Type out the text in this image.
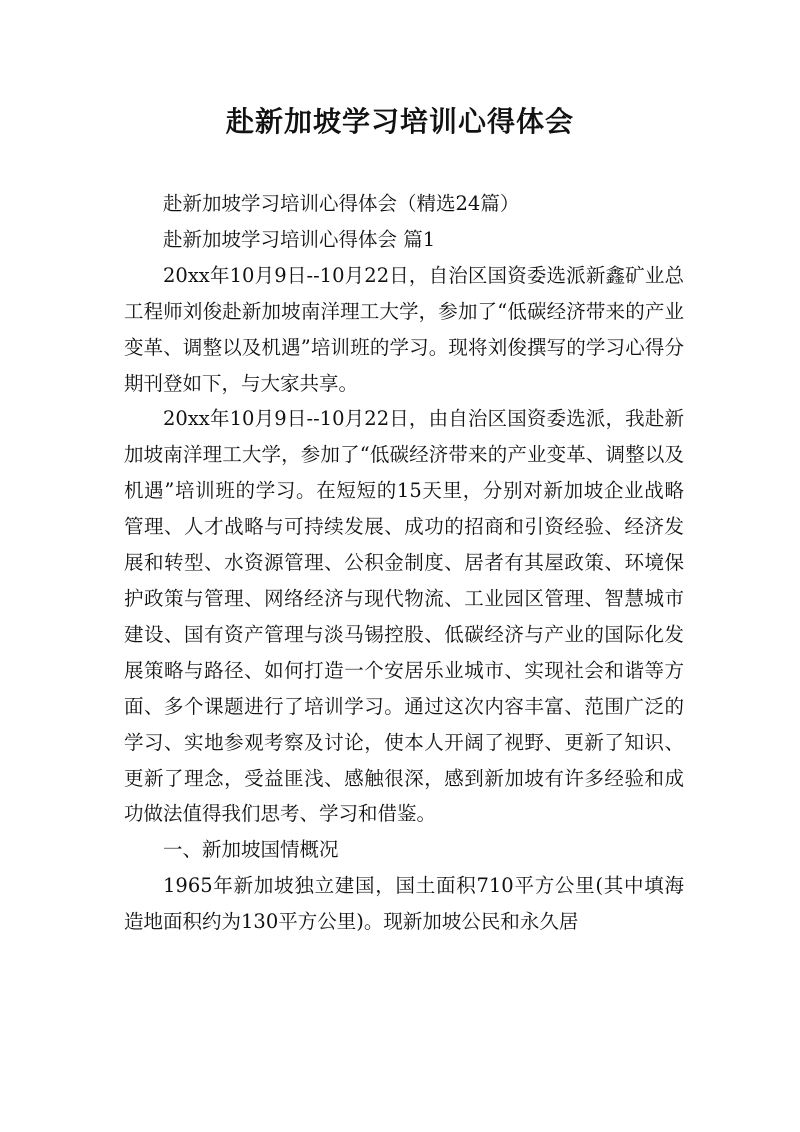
赴新加坡学习培训心得体会

赴新加坡学习培训心得体会（精选24篇）

赴新加坡学习培训心得体会 篇1

20xx年10月9日--10月22日，自治区国资委选派新鑫矿业总工程师刘俊赴新加坡南洋理工大学，参加了“低碳经济带来的产业变革、调整以及机遇”培训班的学习。现将刘俊撰写的学习心得分期刊登如下，与大家共享。

20xx年10月9日--10月22日，由自治区国资委选派，我赴新加坡南洋理工大学，参加了“低碳经济带来的产业变革、调整以及机遇”培训班的学习。在短短的15天里，分别对新加坡企业战略管理、人才战略与可持续发展、成功的招商和引资经验、经济发展和转型、水资源管理、公积金制度、居者有其屋政策、环境保护政策与管理、网络经济与现代物流、工业园区管理、智慧城市建设、国有资产管理与淡马锡控股、低碳经济与产业的国际化发展策略与路径、如何打造一个安居乐业城市、实现社会和谐等方面、多个课题进行了培训学习。通过这次内容丰富、范围广泛的学习、实地参观考察及讨论，使本人开阔了视野、更新了知识、更新了理念，受益匪浅、感触很深，感到新加坡有许多经验和成功做法值得我们思考、学习和借鉴。

一、新加坡国情概况

1965年新加坡独立建国，国土面积710平方公里(其中填海造地面积约为130平方公里)。现新加坡公民和永久居
